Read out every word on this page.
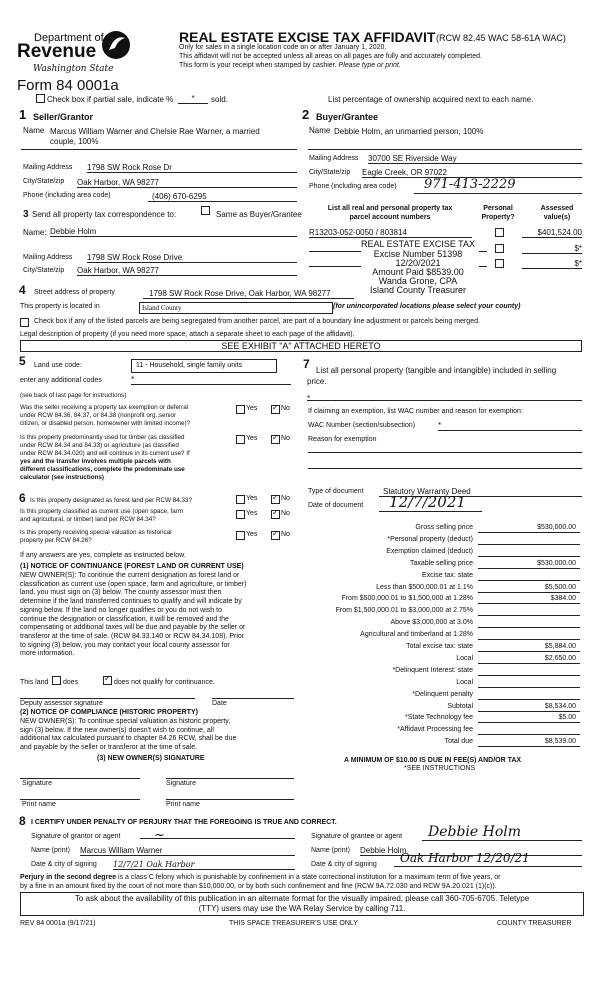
Department of
Revenue
Washington State
Form 84 0001a
REAL ESTATE EXCISE TAX AFFIDAVIT (RCW 82.45 WAC 58-61A WAC)
Only for sales in a single location code on or after January 1, 2020.
This affidavit will not be accepted unless all areas on all pages are fully and accurately completed.
This form is your receipt when stamped by cashier. Please type or print.
Check box if partial sale, indicate %	*	sold.	List percentage of ownership acquired next to each name.
1 Seller/Grantor
Name Marcus William Warner and Chelsie Rae Warner, a married
couple, 100%
Mailing Address 1798 SW Rock Rose Dr
City/State/zip Oak Harbor, WA 98277
Phone (including area code)	(406) 670-6295
2 Buyer/Grantee
Name Debbie Holm, an unmarried person, 100%
Mailing Address 30700 SE Riverside Way
City/State/zip Eagle Creek, OR 97022
Phone (including area code)	971-413-2229
3 Send all property tax correspondence to:	Same as Buyer/Grantee
Name: Debbie Holm
Mailing Address 1798 SW Rock Rose Drive
City/State/zip Oak Harbor, WA 98277
List all real and personal property tax
parcel account numbers
Personal
Property?
Assessed
value(s)
R13203-052-0050 / 803814	$401,524.00
$*
$*
REAL ESTATE EXCISE TAX
Excise Number 51398
12/20/2021
Amount Paid $8539.00
Wanda Grone, CPA
Island County Treasurer
4 Street address of property	1798 SW Rock Rose Drive, Oak Harbor, WA 98277
This property is located in	Island County	(for unincorporated locations please select your county)
Check box if any of the listed parcels are being segregated from another parcel, are part of a boundary line adjustment or parcels being merged.
Legal description of property (if you need more space, attach a separate sheet to each page of the affidavit).
SEE EXHIBIT "A" ATTACHED HERETO
5 Land use code:	11 - Household, single family units
enter any additional codes	*
(see back of last page for instructions)
Was the seller receiving a property tax exemption or deferral
under RCW 84.36, 84.37, or 84.38 (nonprofit org.,senior
citizen, or disabled person, homeowner with limited income)?
Yes ✓	No
Is this property predominantly used for timber (as classified
under RCW 84.34 and 84.33) or agriculture (as classified
under RCW 84.34.020) and will continue in its current use? If
yes and the transfer involves multiple parcels with
different classifications, complete the predominate use
calculator (see instructions)
Yes ✓	No
6 Is this property designated as forest land per RCW 84.33?
Is this property classified as current use (open space, farm
and agricultural, or timber) land per RCW 84.34?
Is this property receiving special valuation as historical
property per RCW 84.26?
Yes ✓	No
Yes ✓	No
Yes ✓	No
If any answers are yes, complete as instructed below.
(1) NOTICE OF CONTINUANCE (FOREST LAND OR CURRENT USE)
NEW OWNER(S): To continue the current designation as forest land or
classification as current use (open space, farm and agriculture, or timber)
land, you must sign on (3) below. The county assessor must then
determine if the land transferred continues to qualify and will indicate by
signing below. If the land no longer qualifies or you do not wish to
continue the designation or classification, it will be removed and the
compensating or additional taxes will be due and payable by the seller or
transferor at the time of sale. (RCW 84.33.140 or RCW 84.34.108). Prior
to signing (3) below, you may contact your local county assessor for
more information.
This land does ✓	does not qualify for continuance.
Deputy assessor signature	Date
(2) NOTICE OF COMPLIANCE (HISTORIC PROPERTY)
NEW OWNER(S): To continue special valuation as historic property,
sign (3) below. If the new owner(s) doesn't wish to continue, all
additional tax calculated pursuant to chapter 84.26 RCW, shall be due
and payable by the seller or transferor at the time of sale.
(3) NEW OWNER(S) SIGNATURE
Signature	Signature
Print name	Print name
7 List all personal property (tangible and intangible) included in selling
price.
*
If claiming an exemption, list WAC number and reason for exemption:
WAC Number (section/subsection)	*
Reason for exemption
Type of document	Statutory Warranty Deed
Date of document	12/7/2021
Gross selling price	$530,000.00
*Personal property (deduct)
Exemption claimed (deduct)
Taxable selling price	$530,000.00
Excise tax: state
Less than $500,000.01 at 1.1%	$5,500.00
From $500,000.01 to $1,500,000 at 1.28%	$384.00
From $1,500,000.01 to $3,000,000 at 2.75%
Above $3,000,000 at 3.0%
Agricultural and timberland at 1.28%
Total excise tax: state	$5,884.00
Local	$2,650.00
*Delinquent Interest: state
Local
*Delinquent penalty
Subtotal	$8,534.00
*State Technology fee	$5.00
*Affidavit Processing fee
Total due	$8,539.00
A MINIMUM OF $10.00 IS DUE IN FEE(S) AND/OR TAX
*SEE INSTRUCTIONS
8 I CERTIFY UNDER PENALTY OF PERJURY THAT THE FOREGOING IS TRUE AND CORRECT.
Signature of grantor or agent	~
Name (print) Marcus William Warner
Date & city of signing 12/7/21 Oak Harbor
Signature of grantee or agent	Debbie Holm
Name (print) Debbie Holm
Date & city of signing	Oak Harbor 12/20/21
Perjury in the second degree is a class C felony which is punishable by confinement in a state correctional institution for a maximum term of five years, or
by a fine in an amount fixed by the court of not more than $10,000.00, or by both such confinement and fine (RCW 9A.72.030 and RCW 9A.20.021 (1)(c)).
To ask about the availability of this publication in an alternate format for the visually impaired, please call 360-705-6705. Teletype
(TTY) users may use the WA Relay Service by calling 711.
REV 84 0001a (9/17/21)	THIS SPACE TREASURER'S USE ONLY	COUNTY TREASURER
